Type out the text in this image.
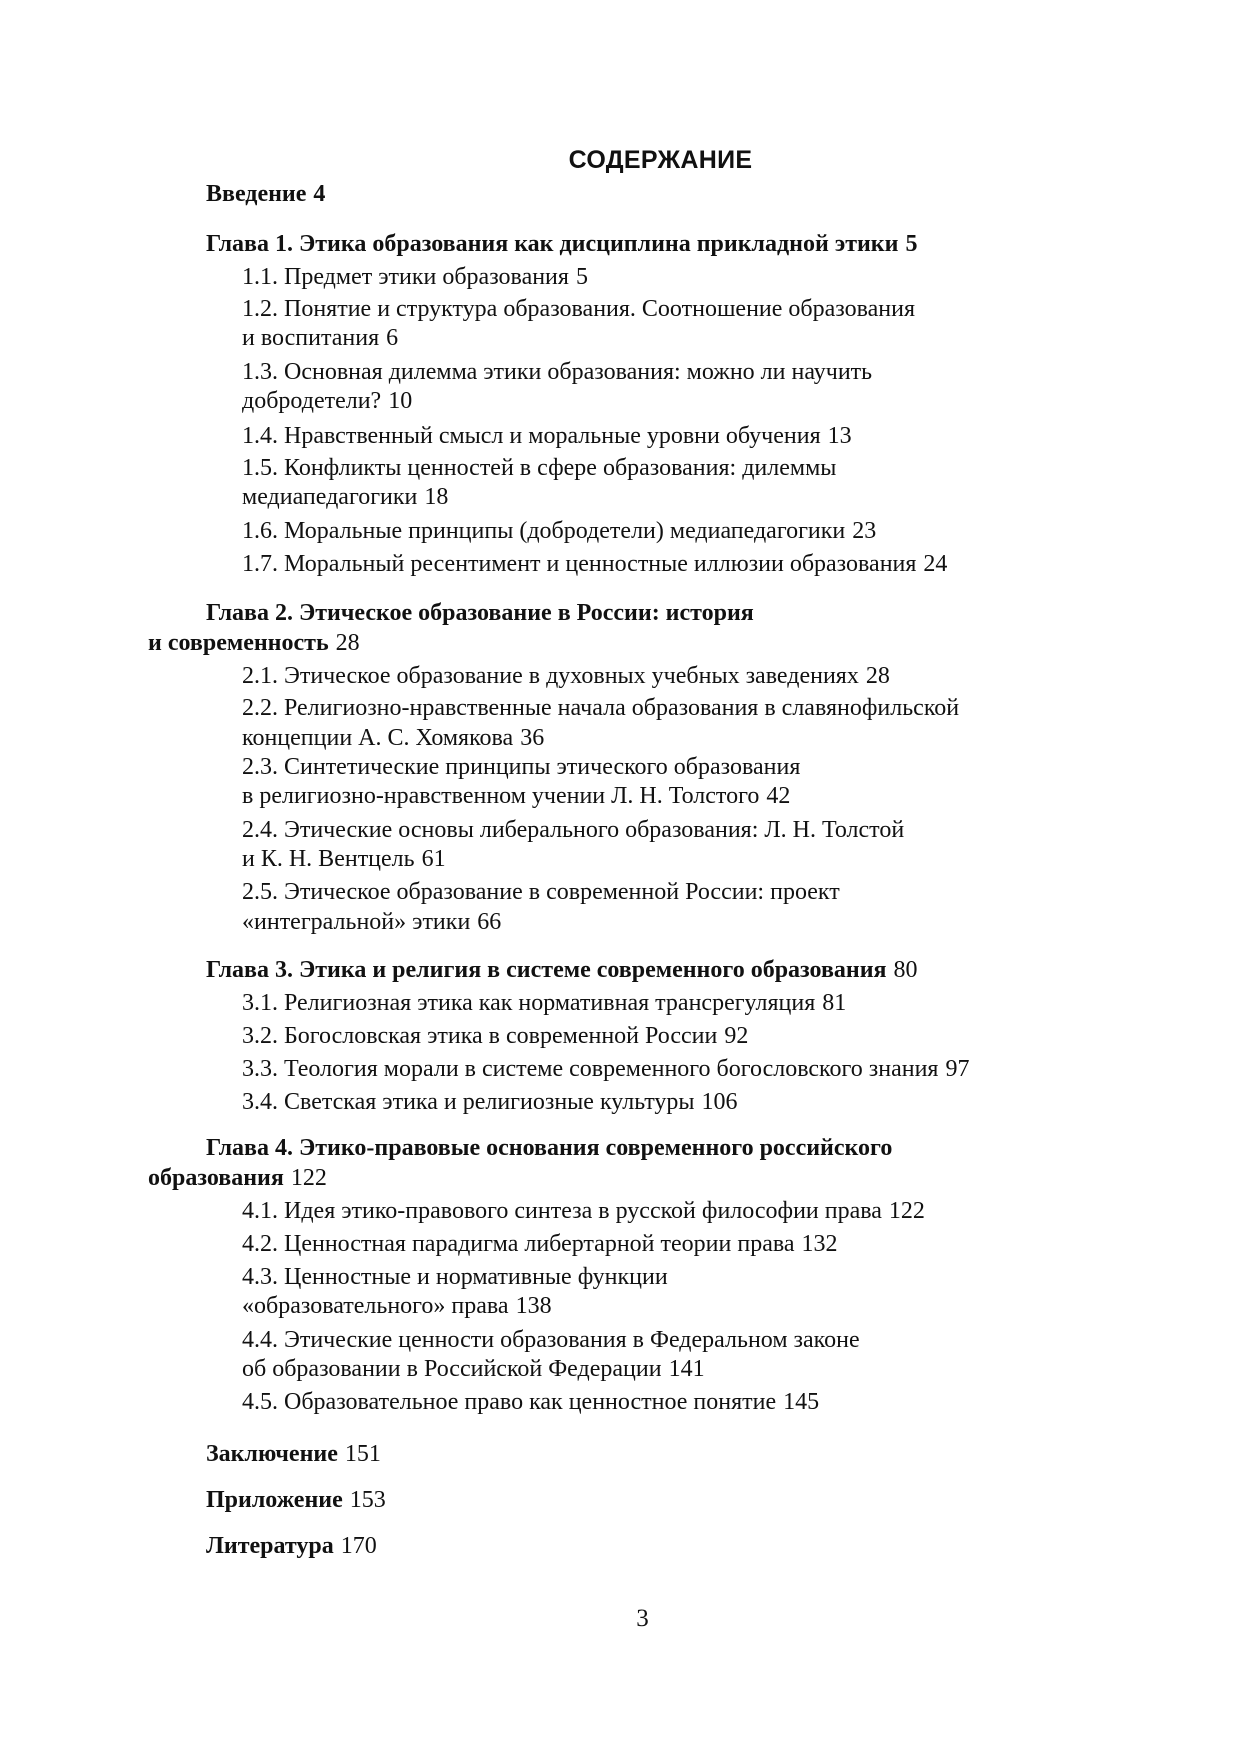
СОДЕРЖАНИЕ
Введение 4
Глава 1. Этика образования как дисциплина прикладной этики 5
1.1. Предмет этики образования 5
1.2. Понятие и структура образования. Соотношение образования
и воспитания 6
1.3. Основная дилемма этики образования: можно ли научить
добродетели? 10
1.4. Нравственный смысл и моральные уровни обучения 13
1.5. Конфликты ценностей в сфере образования: дилеммы
медиапедагогики 18
1.6. Моральные принципы (добродетели) медиапедагогики 23
1.7. Моральный ресентимент и ценностные иллюзии образования 24
Глава 2. Этическое образование в России: история
и современность 28
2.1. Этическое образование в духовных учебных заведениях 28
2.2. Религиозно-нравственные начала образования в славянофильской
концепции А. С. Хомякова 36
2.3. Синтетические принципы этического образования
в религиозно-нравственном учении Л. Н. Толстого 42
2.4. Этические основы либерального образования: Л. Н. Толстой
и К. Н. Вентцель 61
2.5. Этическое образование в современной России: проект
«интегральной» этики 66
Глава 3. Этика и религия в системе современного образования 80
3.1. Религиозная этика как нормативная трансрегуляция 81
3.2. Богословская этика в современной России 92
3.3. Теология морали в системе современного богословского знания 97
3.4. Светская этика и религиозные культуры 106
Глава 4. Этико-правовые основания современного российского
образования 122
4.1. Идея этико-правового синтеза в русской философии права 122
4.2. Ценностная парадигма либертарной теории права 132
4.3. Ценностные и нормативные функции
«образовательного» права 138
4.4. Этические ценности образования в Федеральном законе
об образовании в Российской Федерации 141
4.5. Образовательное право как ценностное понятие 145
Заключение 151
Приложение 153
Литература 170
3
